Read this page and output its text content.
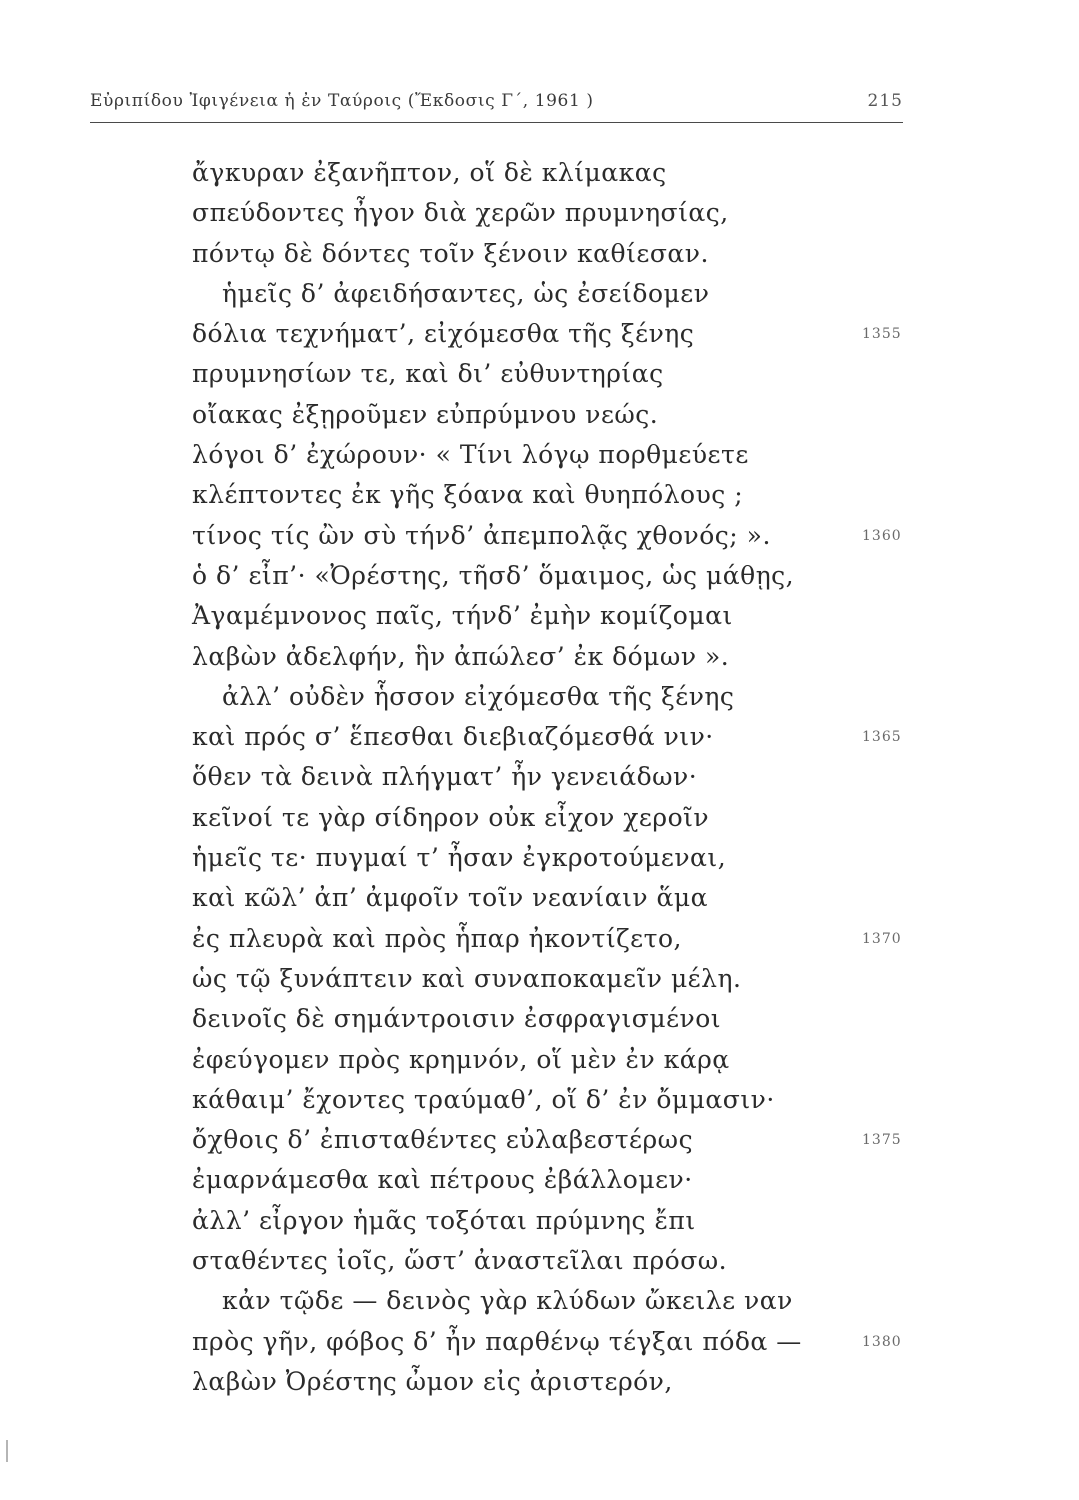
Εὐριπίδου Ἰφιγένεια ἡ ἐν Ταύροις (Ἔκδοσις Γ΄, 1961 )	215
ἄγκυραν ἐξανῆπτον, οἵ δὲ κλίμακας
σπεύδοντες ἦγον διὰ χερῶν πρυμνησίας,
πόντῳ δὲ δόντες τοῖν ξένοιν καθίεσαν.
ἡμεῖς δ’ ἀφειδήσαντες, ὡς ἐσείδομεν
δόλια τεχνήματ’, εἰχόμεσθα τῆς ξένης	1355
πρυμνησίων τε, καὶ δι’ εὐθυντηρίας
οἴακας ἐξῃροῦμεν εὐπρύμνου νεώς.
λόγοι δ’ ἐχώρουν· « Τίνι λόγῳ πορθμεύετε
κλέπτοντες ἐκ γῆς ξόανα καὶ θυηπόλους ;
τίνος τίς ὢν σὺ τήνδ’ ἀπεμπολᾷς χθονός; ».	1360
ὁ δ’ εἶπ’· «Ὀρέστης, τῆσδ’ ὅμαιμος, ὡς μάθῃς,
Ἀγαμέμνονος παῖς, τήνδ’ ἐμὴν κομίζομαι
λαβὼν ἀδελφήν, ἣν ἀπώλεσ’ ἐκ δόμων ».
ἀλλ’ οὐδὲν ἧσσον εἰχόμεσθα τῆς ξένης
καὶ πρός σ’ ἕπεσθαι διεβιαζόμεσθά νιν·	1365
ὅθεν τὰ δεινὰ πλήγματ’ ἦν γενειάδων·
κεῖνοί τε γὰρ σίδηρον οὐκ εἶχον χεροῖν
ἡμεῖς τε· πυγμαί τ’ ἦσαν ἐγκροτούμεναι,
καὶ κῶλ’ ἀπ’ ἀμφοῖν τοῖν νεανίαιν ἅμα
ἐς πλευρὰ καὶ πρὸς ἧπαρ ἠκοντίζετο,	1370
ὡς τῷ ξυνάπτειν καὶ συναποκαμεῖν μέλη.
δεινοῖς δὲ σημάντροισιν ἐσφραγισμένοι
ἐφεύγομεν πρὸς κρημνόν, οἵ μὲν ἐν κάρᾳ
κάθαιμ’ ἔχοντες τραύμαθ’, οἵ δ’ ἐν ὄμμασιν·
ὄχθοις δ’ ἐπισταθέντες εὐλαβεστέρως	1375
ἐμαρνάμεσθα καὶ πέτρους ἐβάλλομεν·
ἀλλ’ εἶργον ἡμᾶς τοξόται πρύμνης ἔπι
σταθέντες ἰοῖς, ὥστ’ ἀναστεῖλαι πρόσω.
κἀν τῷδε — δεινὸς γὰρ κλύδων ὤκειλε ναν
πρὸς γῆν, φόβος δ’ ἦν παρθένῳ τέγξαι πόδα —	1380
λαβὼν Ὀρέστης ὦμον εἰς ἀριστερόν,
